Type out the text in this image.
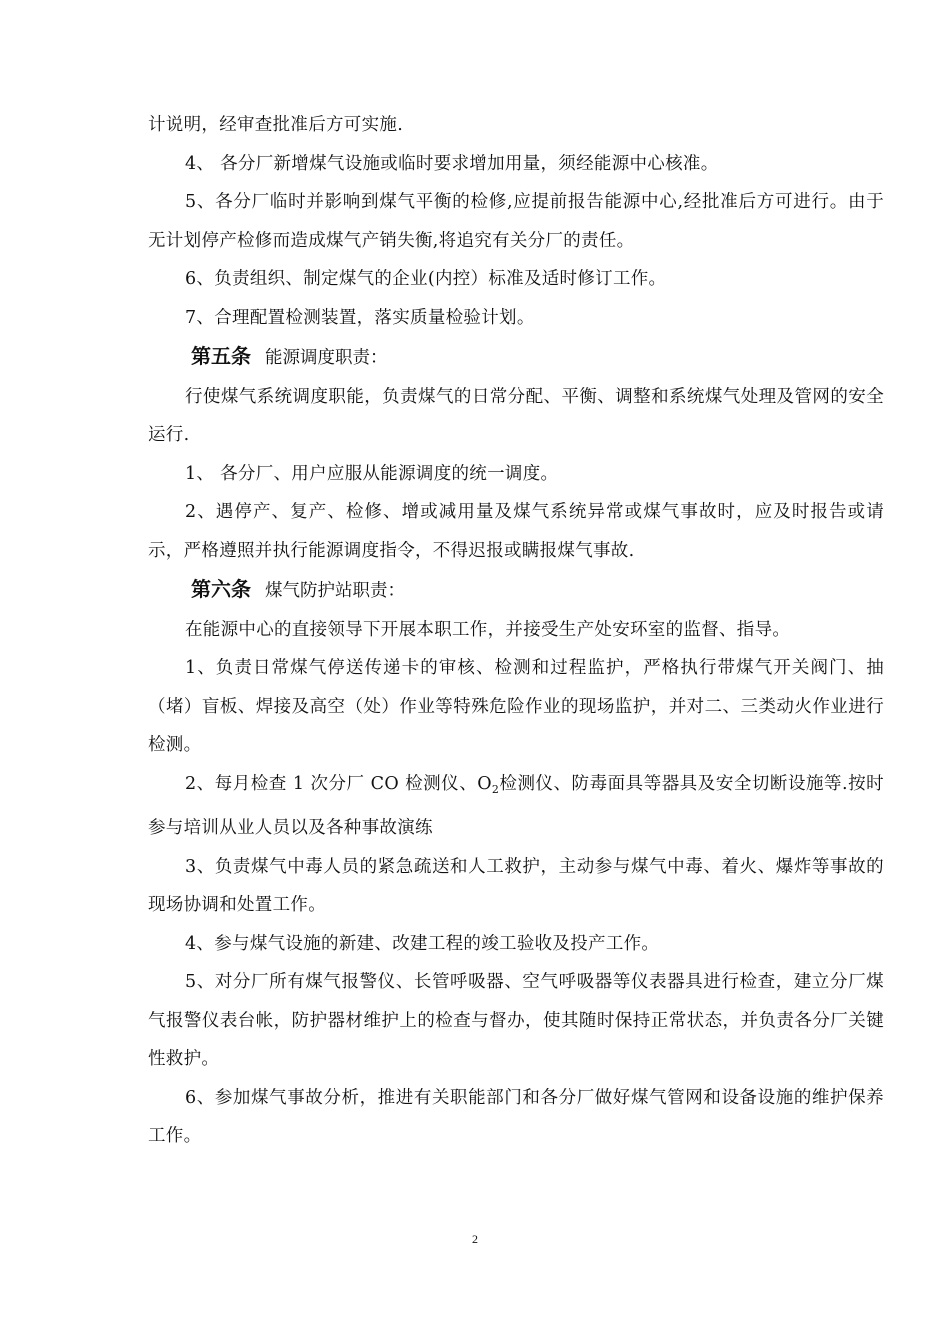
计说明，经审查批准后方可实施.

4、 各分厂新增煤气设施或临时要求增加用量，须经能源中心核准。

5、各分厂临时并影响到煤气平衡的检修,应提前报告能源中心,经批准后方可进行。由于无计划停产检修而造成煤气产销失衡,将追究有关分厂的责任。

6、负责组织、制定煤气的企业(内控）标准及适时修订工作。

7、合理配置检测装置，落实质量检验计划。

第五条 能源调度职责：

行使煤气系统调度职能，负责煤气的日常分配、平衡、调整和系统煤气处理及管网的安全运行.

1、 各分厂、用户应服从能源调度的统一调度。

2、遇停产、复产、检修、增或减用量及煤气系统异常或煤气事故时，应及时报告或请示，严格遵照并执行能源调度指令，不得迟报或瞒报煤气事故.

第六条 煤气防护站职责：

在能源中心的直接领导下开展本职工作，并接受生产处安环室的监督、指导。

1、负责日常煤气停送传递卡的审核、检测和过程监护，严格执行带煤气开关阀门、抽（堵）盲板、焊接及高空（处）作业等特殊危险作业的现场监护，并对二、三类动火作业进行检测。

2、每月检查 1 次分厂 CO 检测仪、$O_2$检测仪、防毒面具等器具及安全切断设施等.按时参与培训从业人员以及各种事故演练

3、负责煤气中毒人员的紧急疏送和人工救护，主动参与煤气中毒、着火、爆炸等事故的现场协调和处置工作。

4、参与煤气设施的新建、改建工程的竣工验收及投产工作。

5、对分厂所有煤气报警仪、长管呼吸器、空气呼吸器等仪表器具进行检查，建立分厂煤气报警仪表台帐，防护器材维护上的检查与督办，使其随时保持正常状态，并负责各分厂关键性救护。

6、参加煤气事故分析，推进有关职能部门和各分厂做好煤气管网和设备设施的维护保养工作。

2
